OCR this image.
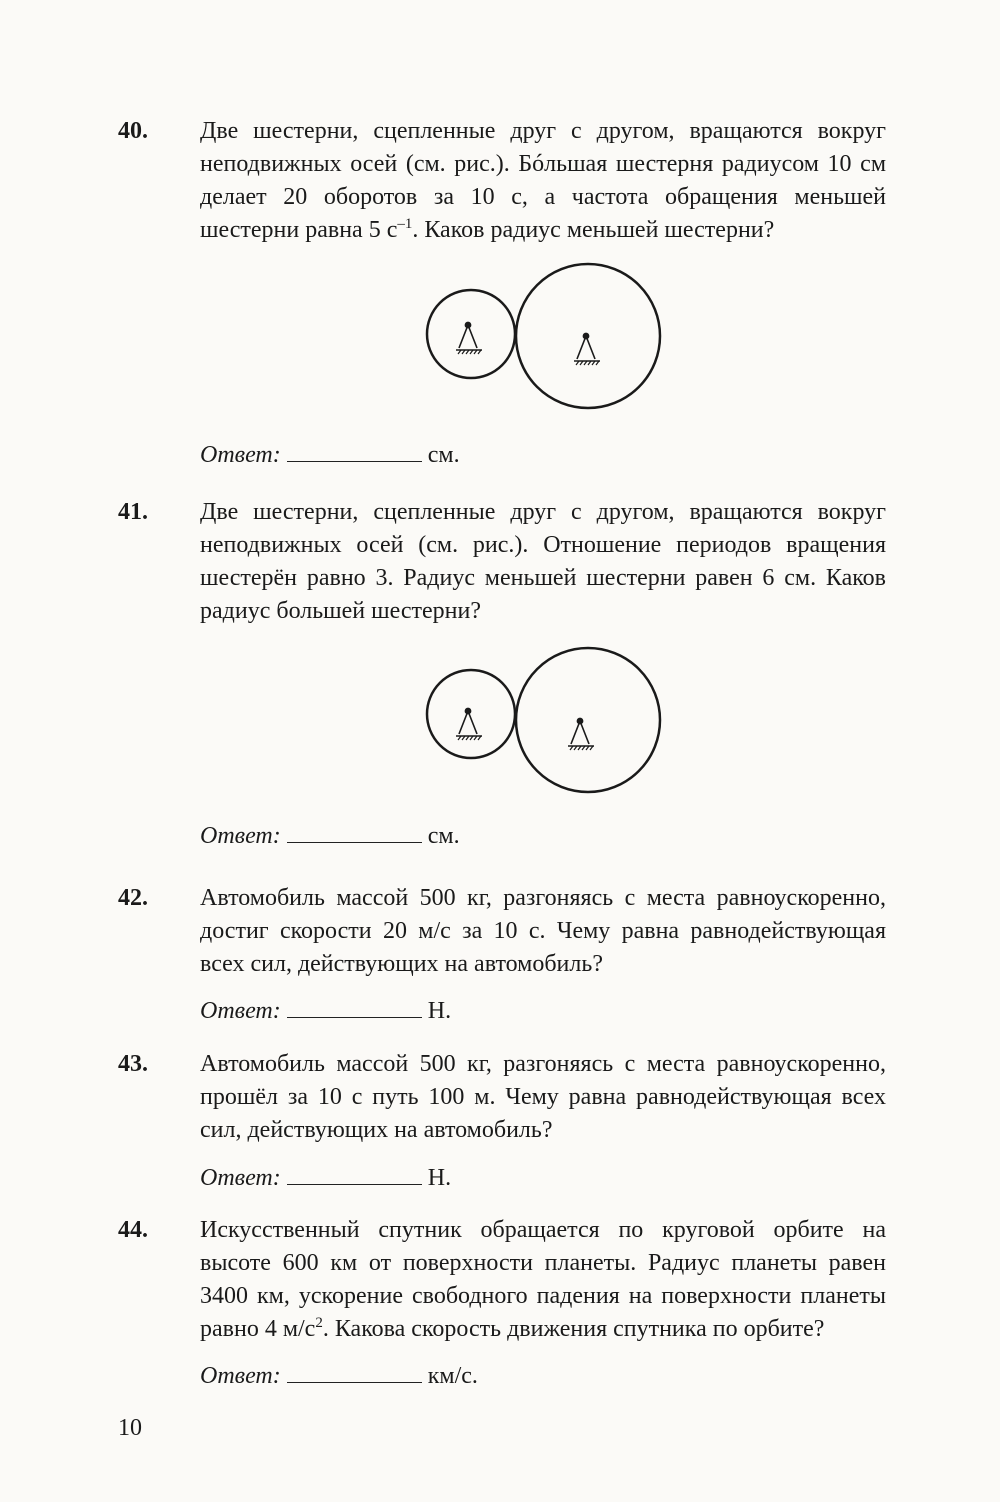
40. Две шестерни, сцепленные друг с другом, вращаются вокруг неподвижных осей (см. рис.). Бóльшая шестерня радиусом 10 см делает 20 оборотов за 10 с, а частота обращения меньшей шестерни равна 5 $с^{-1}$. Каков радиус меньшей шестерни?
Ответ:	см.
41. Две шестерни, сцепленные друг с другом, вращаются вокруг неподвижных осей (см. рис.). Отношение периодов вращения шестерён равно 3. Радиус меньшей шестерни равен 6 см. Каков радиус большей шестерни?
Ответ:	см.
42. Автомобиль массой 500 кг, разгоняясь с места равноускоренно, достиг скорости 20 м/с за 10 с. Чему равна равнодействующая всех сил, действующих на автомобиль?
Ответ:	Н.
43. Автомобиль массой 500 кг, разгоняясь с места равноускоренно, прошёл за 10 с путь 100 м. Чему равна равнодействующая всех сил, действующих на автомобиль?
Ответ:	Н.
44. Искусственный спутник обращается по круговой орбите на высоте 600 км от поверхности планеты. Радиус планеты равен 3400 км, ускорение свободного падения на поверхности планеты равно 4 $м/с^2$. Какова скорость движения спутника по орбите?
Ответ:	км/с.
10
